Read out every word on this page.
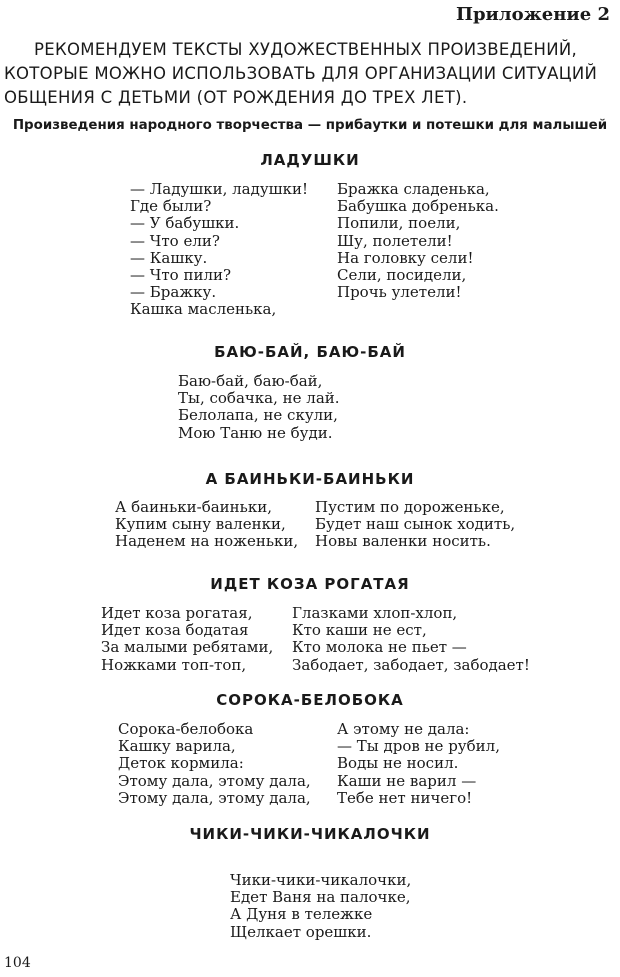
Приложение 2
РЕКОМЕНДУЕМ ТЕКСТЫ ХУДОЖЕСТВЕННЫХ ПРОИЗВЕДЕНИЙ,
КОТОРЫЕ МОЖНО ИСПОЛЬЗОВАТЬ ДЛЯ ОРГАНИЗАЦИИ СИТУАЦИЙ
ОБЩЕНИЯ С ДЕТЬМИ (ОТ РОЖДЕНИЯ ДО ТРЕХ ЛЕТ).
Произведения народного творчества — прибаутки и потешки для малышей
ЛАДУШКИ
— Ладушки, ладушки!
Где были?
— У бабушки.
— Что ели?
— Кашку.
— Что пили?
— Бражку.
Кашка масленька,
Бражка сладенька,
Бабушка добренька.
Попили, поели,
Шу, полетели!
На головку сели!
Сели, посидели,
Прочь улетели!
БАЮ-БАЙ, БАЮ-БАЙ
Баю-бай, баю-бай,
Ты, собачка, не лай.
Белолапа, не скули,
Мою Таню не буди.
А БАИНЬКИ-БАИНЬКИ
А баиньки-баиньки,
Купим сыну валенки,
Наденем на ноженьки,
Пустим по дороженьке,
Будет наш сынок ходить,
Новы валенки носить.
ИДЕТ КОЗА РОГАТАЯ
Идет коза рогатая,
Идет коза бодатая
За малыми ребятами,
Ножками топ-топ,
Глазками хлоп-хлоп,
Кто каши не ест,
Кто молока не пьет —
Забодает, забодает, забодает!
СОРОКА-БЕЛОБОКА
Сорока-белобока
Кашку варила,
Деток кормила:
Этому дала, этому дала,
Этому дала, этому дала,
А этому не дала:
— Ты дров не рубил,
Воды не носил.
Каши не варил —
Тебе нет ничего!
ЧИКИ-ЧИКИ-ЧИКАЛОЧКИ
Чики-чики-чикалочки,
Едет Ваня на палочке,
А Дуня в тележке
Щелкает орешки.
104
